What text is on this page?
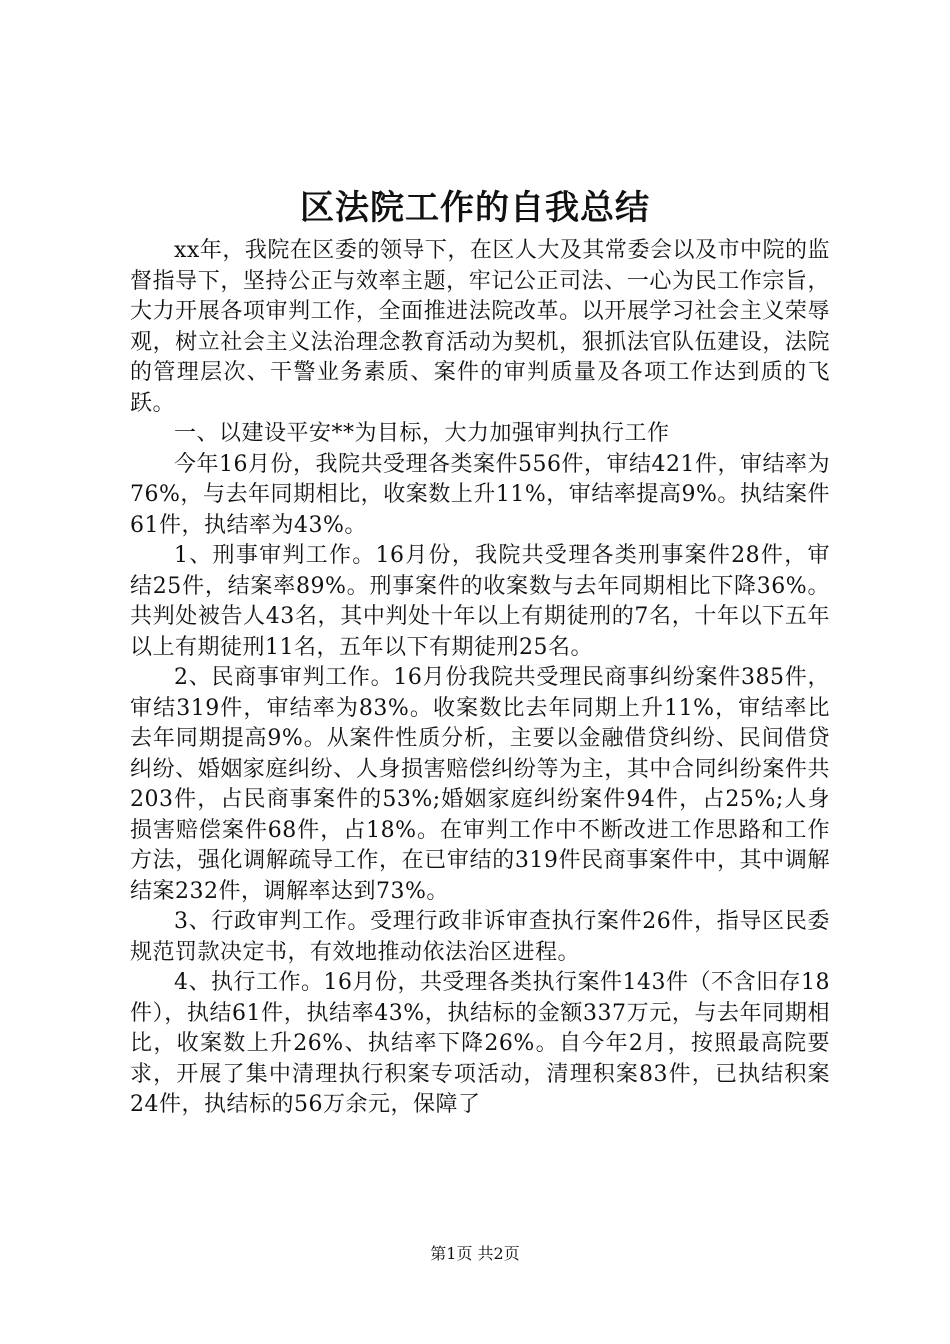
区法院工作的自我总结

xx年，我院在区委的领导下，在区人大及其常委会以及市中院的监督指导下，坚持公正与效率主题，牢记公正司法、一心为民工作宗旨，大力开展各项审判工作，全面推进法院改革。以开展学习社会主义荣辱观，树立社会主义法治理念教育活动为契机，狠抓法官队伍建设，法院的管理层次、干警业务素质、案件的审判质量及各项工作达到质的飞跃。

一、以建设平安**为目标，大力加强审判执行工作

今年16月份，我院共受理各类案件556件，审结421件，审结率为76%，与去年同期相比，收案数上升11%，审结率提高9%。执结案件61件，执结率为43%。

1、刑事审判工作。16月份，我院共受理各类刑事案件28件，审结25件，结案率89%。刑事案件的收案数与去年同期相比下降36%。共判处被告人43名，其中判处十年以上有期徒刑的7名，十年以下五年以上有期徒刑11名，五年以下有期徒刑25名。

2、民商事审判工作。16月份我院共受理民商事纠纷案件385件，审结319件，审结率为83%。收案数比去年同期上升11%，审结率比去年同期提高9%。从案件性质分析，主要以金融借贷纠纷、民间借贷纠纷、婚姻家庭纠纷、人身损害赔偿纠纷等为主，其中合同纠纷案件共203件，占民商事案件的53%;婚姻家庭纠纷案件94件，占25%;人身损害赔偿案件68件，占18%。在审判工作中不断改进工作思路和工作方法，强化调解疏导工作，在已审结的319件民商事案件中，其中调解结案232件，调解率达到73%。

3、行政审判工作。受理行政非诉审查执行案件26件，指导区民委规范罚款决定书，有效地推动依法治区进程。

4、执行工作。16月份，共受理各类执行案件143件（不含旧存18件），执结61件，执结率43%，执结标的金额337万元，与去年同期相比，收案数上升26%、执结率下降26%。自今年2月，按照最高院要求，开展了集中清理执行积案专项活动，清理积案83件，已执结积案24件，执结标的56万余元，保障了

第1页 共2页
